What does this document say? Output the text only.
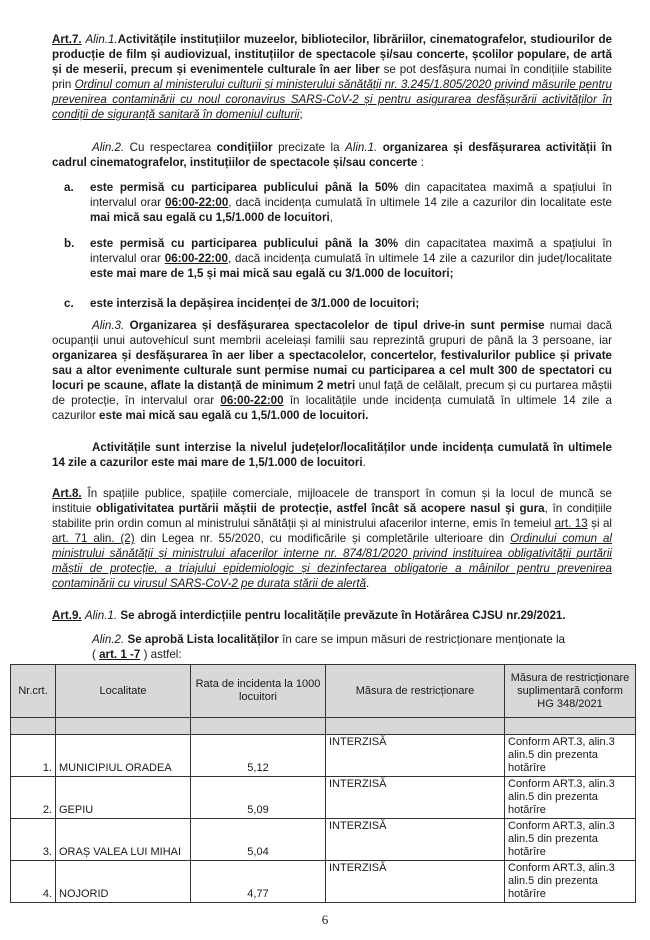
Art.7. Alin.1.Activitățile instituțiilor muzeelor, bibliotecilor, librăriilor, cinematografelor, studiourilor de producție de film și audiovizual, instituțiilor de spectacole și/sau concerte, școlilor populare, de artă și de meserii, precum și evenimentele culturale în aer liber se pot desfășura numai în condițiile stabilite prin Ordinul comun al ministerului culturii și ministerului sănătății nr. 3.245/1.805/2020 privind măsurile pentru prevenirea contaminării cu noul coronavirus SARS-CoV-2 și pentru asigurarea desfășurării activităților în condiții de siguranță sanitară în domeniul culturii;

Alin.2. Cu respectarea condițiilor precizate la Alin.1. organizarea și desfășurarea activității în cadrul cinematografelor, instituțiilor de spectacole și/sau concerte :

a. este permisă cu participarea publicului până la 50% din capacitatea maximă a spațiului în intervalul orar 06:00-22:00, dacă incidența cumulată în ultimele 14 zile a cazurilor din localitate este mai mică sau egală cu 1,5/1.000 de locuitori,

b. este permisă cu participarea publicului până la 30% din capacitatea maximă a spațiului în intervalul orar 06:00-22:00, dacă incidența cumulată în ultimele 14 zile a cazurilor din județ/localitate este mai mare de 1,5 și mai mică sau egală cu 3/1.000 de locuitori;

c. este interzisă la depășirea incidenței de 3/1.000 de locuitori;

Alin.3. Organizarea și desfășurarea spectacolelor de tipul drive-in sunt permise numai dacă ocupanții unui autovehicul sunt membrii aceleiași familii sau reprezintă grupuri de până la 3 persoane, iar organizarea și desfășurarea în aer liber a spectacolelor, concertelor, festivalurilor publice și private sau a altor evenimente culturale sunt permise numai cu participarea a cel mult 300 de spectatori cu locuri pe scaune, aflate la distanță de minimum 2 metri unul față de celălalt, precum și cu purtarea măștii de protecție, în intervalul orar 06:00-22:00 în localitățile unde incidența cumulată în ultimele 14 zile a cazurilor este mai mică sau egală cu 1,5/1.000 de locuitori.

Activitățile sunt interzise la nivelul județelor/localităților unde incidența cumulată în ultimele 14 zile a cazurilor este mai mare de 1,5/1.000 de locuitori.

Art.8. În spațiile publice, spațiile comerciale, mijloacele de transport în comun și la locul de muncă se instituie obligativitatea purtării măștii de protecție, astfel încât să acopere nasul și gura, în condițiile stabilite prin ordin comun al ministrului sănătății și al ministrului afacerilor interne, emis în temeiul art. 13 și al art. 71 alin. (2) din Legea nr. 55/2020, cu modificările și completările ulterioare din Ordinului comun al ministrului sănătății și ministrului afacerilor interne nr. 874/81/2020 privind instituirea obligativității purtării măștii de protecție, a triajului epidemiologic și dezinfectarea obligatorie a mâinilor pentru prevenirea contaminării cu virusul SARS-CoV-2 pe durata stării de alertă.

Art.9. Alin.1. Se abrogă interdicțiile pentru localitățile prevăzute în Hotărârea CJSU nr.29/2021.

Alin.2. Se aprobă Lista localităților în care se impun măsuri de restricționare menționate la

( art. 1 -7 ) astfel:

Nr.crt.	Localitate	Rata de incidenta la 1000 locuitori	Măsura de restricționare	Măsura de restricționare suplimentară conform HG 348/2021

1.	MUNICIPIUL ORADEA	5,12	INTERZISĂ	Conform ART.3, alin.3 alin.5 din prezenta hotărîre
2.	GEPIU	5,09	INTERZISĂ	Conform ART.3, alin.3 alin.5 din prezenta hotărîre
3.	ORAȘ VALEA LUI MIHAI	5,04	INTERZISĂ	Conform ART.3, alin.3 alin.5 din prezenta hotărîre
4.	NOJORID	4,77	INTERZISĂ	Conform ART.3, alin.3 alin.5 din prezenta hotărîre
6
